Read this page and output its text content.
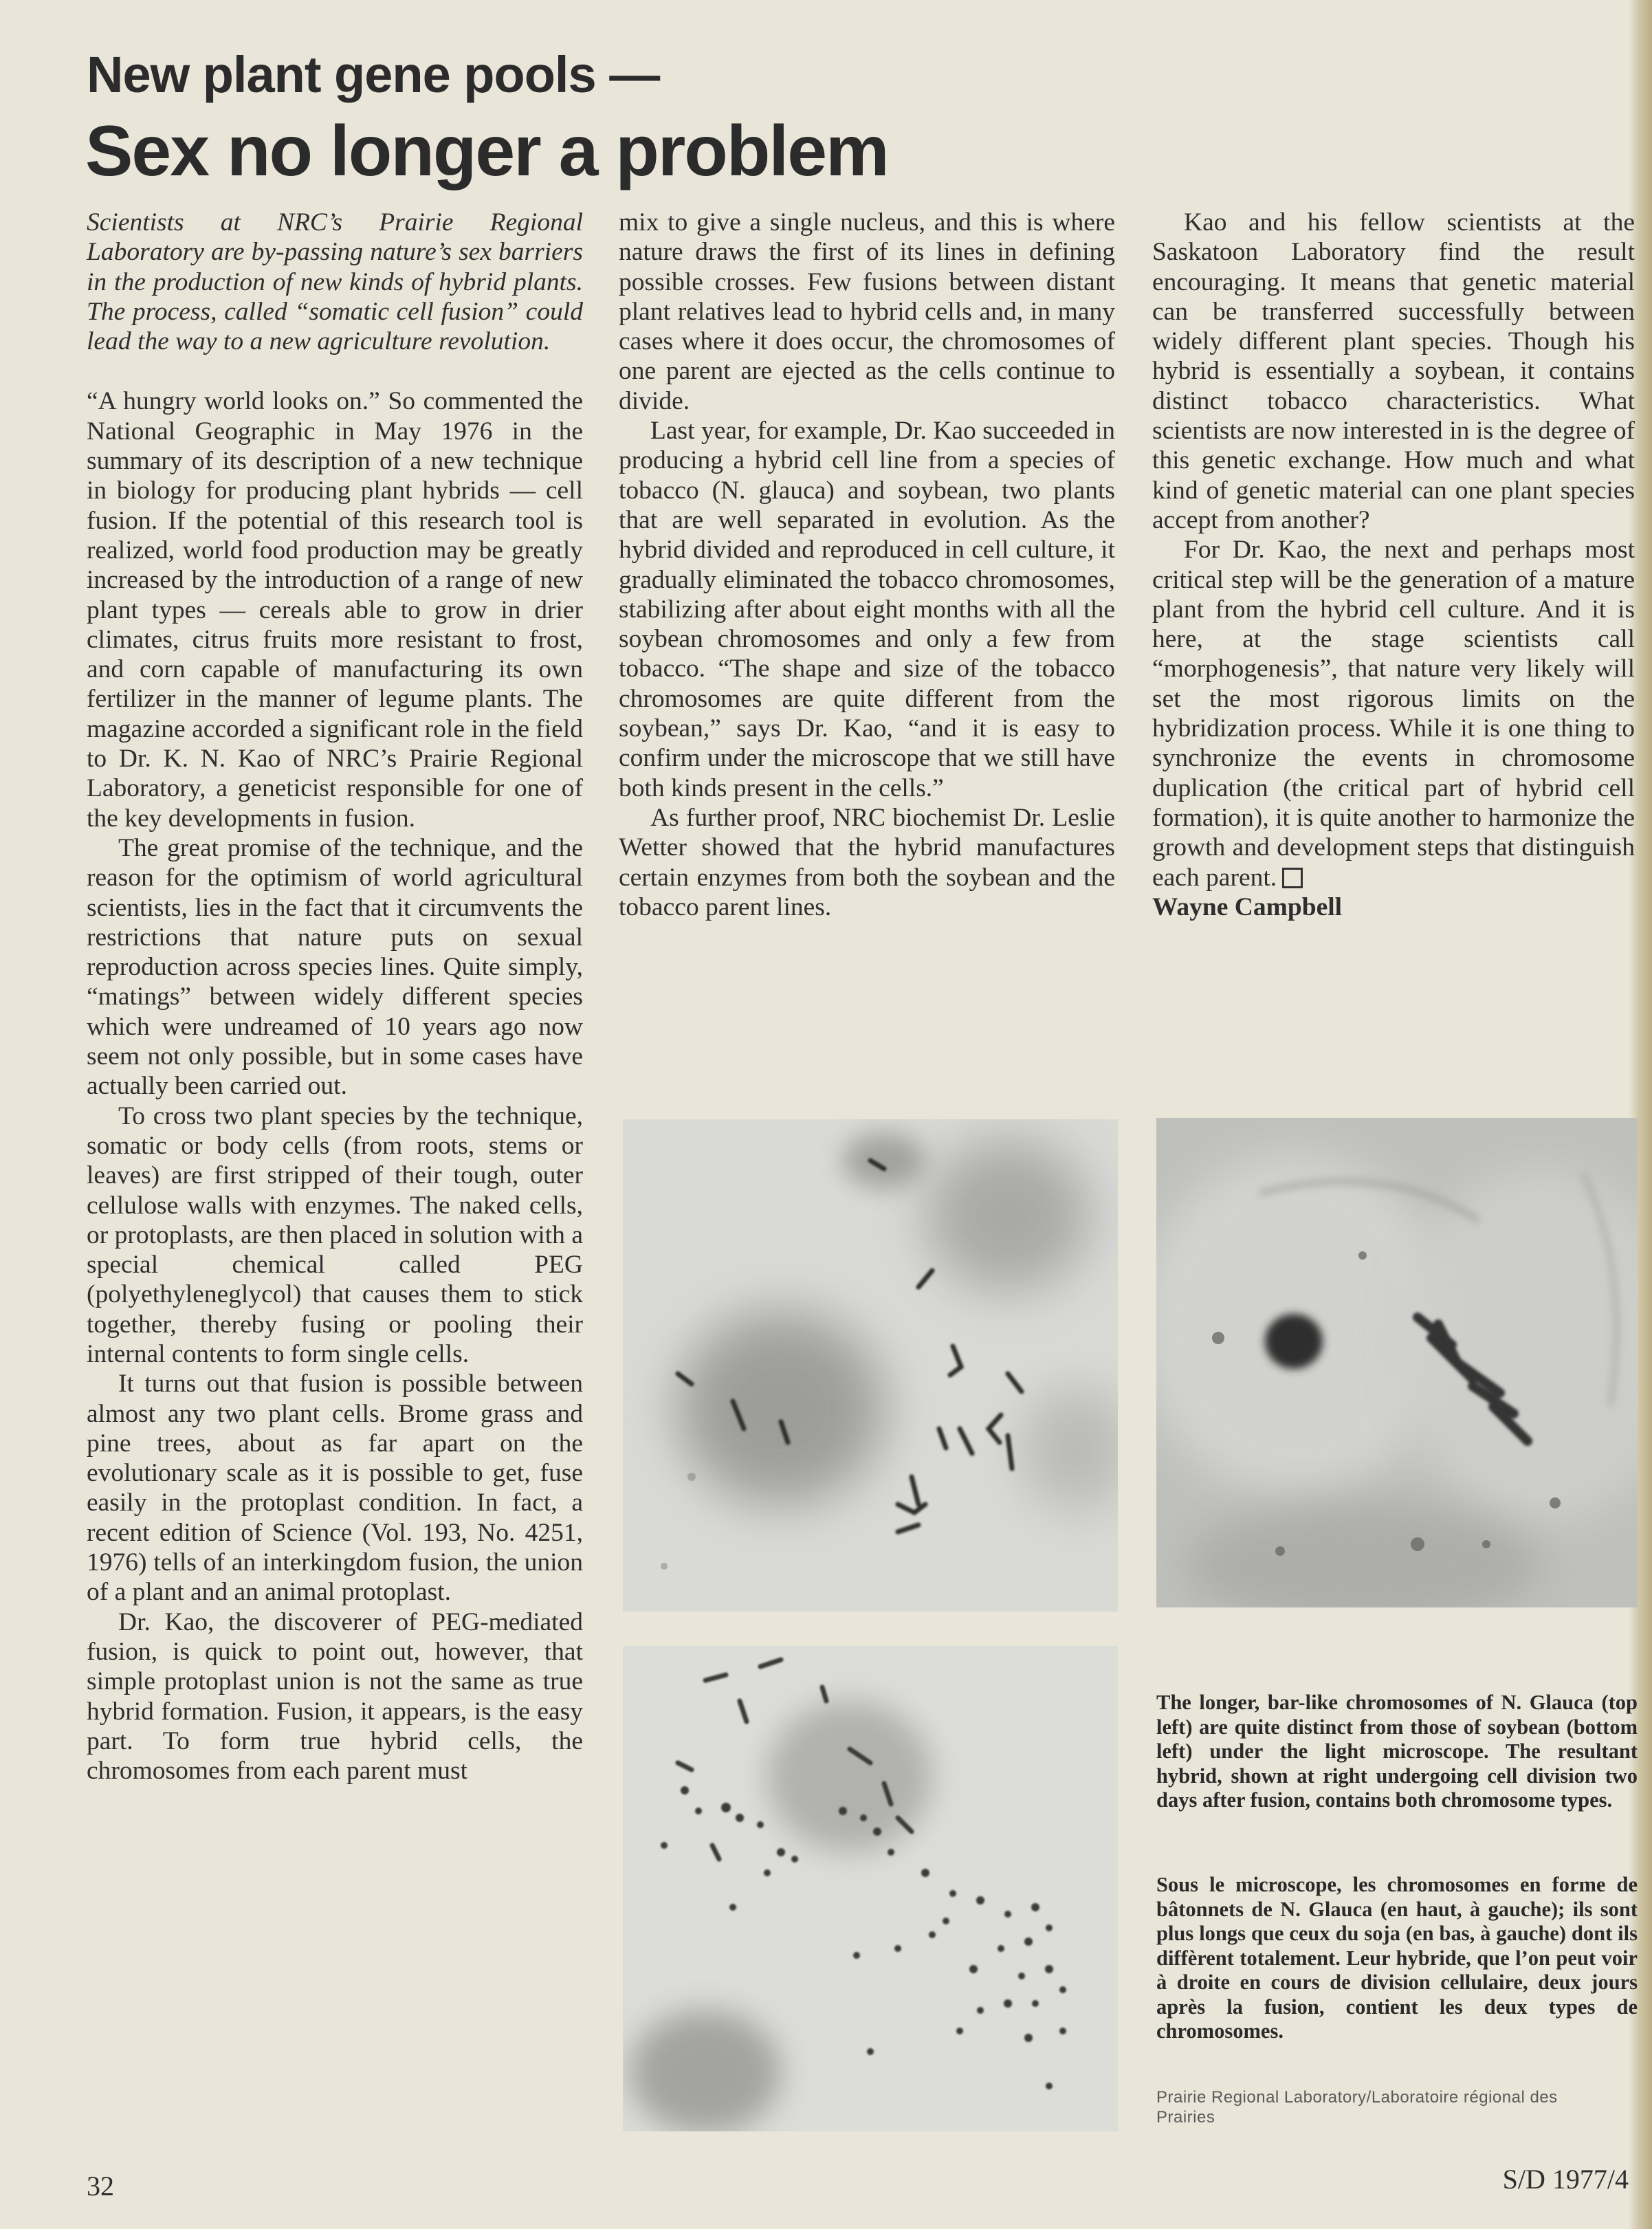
New plant gene pools —
Sex no longer a problem

Scientists at NRC’s Prairie Regional Laboratory are by-passing nature’s sex barriers in the production of new kinds of hybrid plants. The process, called “somatic cell fusion” could lead the way to a new agriculture revolution.

“A hungry world looks on.” So commented the National Geographic in May 1976 in the summary of its description of a new technique in biology for producing plant hybrids — cell fusion. If the potential of this research tool is realized, world food production may be greatly increased by the introduction of a range of new plant types — cereals able to grow in drier climates, citrus fruits more resistant to frost, and corn capable of manufacturing its own fertilizer in the manner of legume plants. The magazine accorded a significant role in the field to Dr. K. N. Kao of NRC’s Prairie Regional Laboratory, a geneticist responsible for one of the key developments in fusion.

The great promise of the technique, and the reason for the optimism of world agricultural scientists, lies in the fact that it circumvents the restrictions that nature puts on sexual reproduction across species lines. Quite simply, “matings” between widely different species which were undreamed of 10 years ago now seem not only possible, but in some cases have actually been carried out.

To cross two plant species by the technique, somatic or body cells (from roots, stems or leaves) are first stripped of their tough, outer cellulose walls with enzymes. The naked cells, or protoplasts, are then placed in solution with a special chemical called PEG (polyethyleneglycol) that causes them to stick together, thereby fusing or pooling their internal contents to form single cells.

It turns out that fusion is possible between almost any two plant cells. Brome grass and pine trees, about as far apart on the evolutionary scale as it is possible to get, fuse easily in the protoplast condition. In fact, a recent edition of Science (Vol. 193, No. 4251, 1976) tells of an interkingdom fusion, the union of a plant and an animal protoplast.

Dr. Kao, the discoverer of PEG-mediated fusion, is quick to point out, however, that simple protoplast union is not the same as true hybrid formation. Fusion, it appears, is the easy part. To form true hybrid cells, the chromosomes from each parent must

mix to give a single nucleus, and this is where nature draws the first of its lines in defining possible crosses. Few fusions between distant plant relatives lead to hybrid cells and, in many cases where it does occur, the chromosomes of one parent are ejected as the cells continue to divide.

Last year, for example, Dr. Kao succeeded in producing a hybrid cell line from a species of tobacco (N. glauca) and soybean, two plants that are well separated in evolution. As the hybrid divided and reproduced in cell culture, it gradually eliminated the tobacco chromosomes, stabilizing after about eight months with all the soybean chromosomes and only a few from tobacco. “The shape and size of the tobacco chromosomes are quite different from the soybean,” says Dr. Kao, “and it is easy to confirm under the microscope that we still have both kinds present in the cells.”

As further proof, NRC biochemist Dr. Leslie Wetter showed that the hybrid manufactures certain enzymes from both the soybean and the tobacco parent lines.

Kao and his fellow scientists at the Saskatoon Laboratory find the result encouraging. It means that genetic material can be transferred successfully between widely different plant species. Though his hybrid is essentially a soybean, it contains distinct tobacco characteristics. What scientists are now interested in is the degree of this genetic exchange. How much and what kind of genetic material can one plant species accept from another?

For Dr. Kao, the next and perhaps most critical step will be the generation of a mature plant from the hybrid cell culture. And it is here, at the stage scientists call “morphogenesis”, that nature very likely will set the most rigorous limits on the hybridization process. While it is one thing to synchronize the events in chromosome duplication (the critical part of hybrid cell formation), it is quite another to harmonize the growth and development steps that distinguish each parent.

Wayne Campbell

The longer, bar-like chromosomes of N. Glauca (top left) are quite distinct from those of soybean (bottom left) under the light microscope. The resultant hybrid, shown at right undergoing cell division two days after fusion, contains both chromosome types.
Sous le microscope, les chromosomes en forme de bâtonnets de N. Glauca (en haut, à gauche); ils sont plus longs que ceux du soja (en bas, à gauche) dont ils diffèrent totalement. Leur hybride, que l’on peut voir à droite en cours de division cellulaire, deux jours après la fusion, contient les deux types de chromosomes.
Prairie Regional Laboratory/Laboratoire régional des Prairies
32	S/D 1977/4
